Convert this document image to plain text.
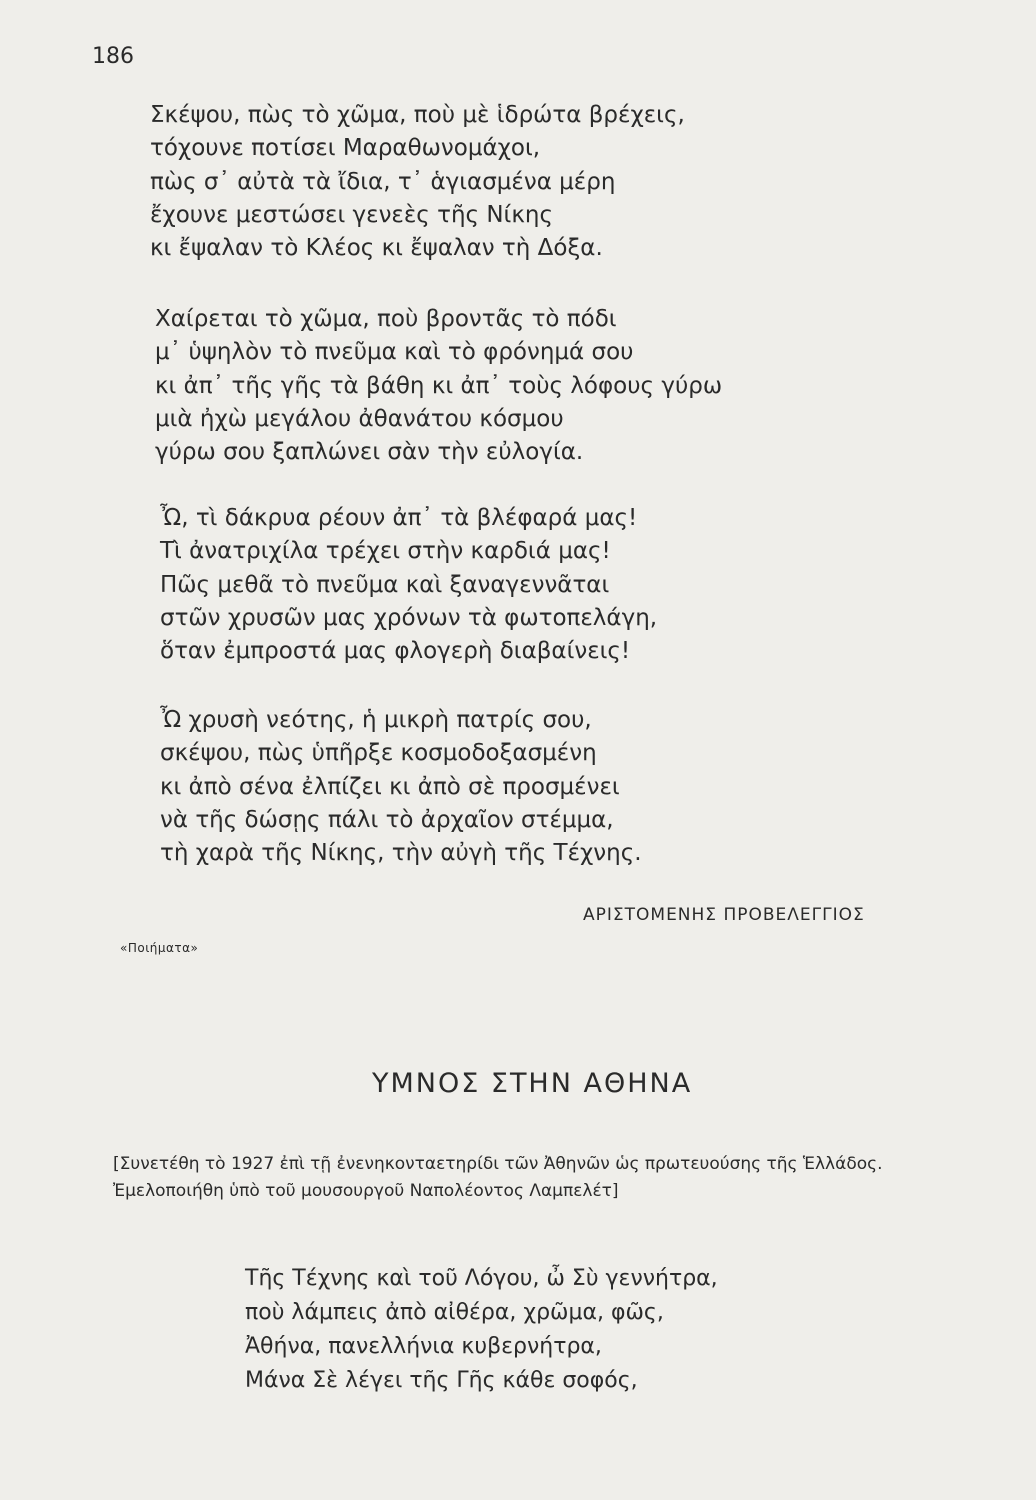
186
Σκέψου, πὼς τὸ χῶμα, ποὺ μὲ ἱδρώτα βρέχεις,
τόχουνε ποτίσει Μαραθωνομάχοι,
πὼς σ᾿ αὐτὰ τὰ ἴδια, τ᾿ ἁγιασμένα μέρη
ἔχουνε μεστώσει γενεὲς τῆς Νίκης
κι ἔψαλαν τὸ Κλέος κι ἔψαλαν τὴ Δόξα.
Χαίρεται τὸ χῶμα, ποὺ βροντᾶς τὸ πόδι
μ᾿ ὑψηλὸν τὸ πνεῦμα καὶ τὸ φρόνημά σου
κι ἀπ᾿ τῆς γῆς τὰ βάθη κι ἀπ᾿ τοὺς λόφους γύρω
μιὰ ἠχὼ μεγάλου ἀθανάτου κόσμου
γύρω σου ξαπλώνει σὰν τὴν εὐλογία.
Ὦ, τὶ δάκρυα ρέουν ἀπ᾿ τὰ βλέφαρά μας!
Τὶ ἀνατριχίλα τρέχει στὴν καρδιά μας!
Πῶς μεθᾶ τὸ πνεῦμα καὶ ξαναγεννᾶται
στῶν χρυσῶν μας χρόνων τὰ φωτοπελάγη,
ὅταν ἐμπροστά μας φλογερὴ διαβαίνεις!
Ὦ χρυσὴ νεότης, ἡ μικρὴ πατρίς σου,
σκέψου, πὼς ὑπῆρξε κοσμοδοξασμένη
κι ἀπὸ σένα ἐλπίζει κι ἀπὸ σὲ προσμένει
νὰ τῆς δώσῃς πάλι τὸ ἀρχαῖον στέμμα,
τὴ χαρὰ τῆς Νίκης, τὴν αὐγὴ τῆς Τέχνης.
ΑΡΙΣΤΟΜΕΝΗΣ ΠΡΟΒΕΛΕΓΓΙΟΣ
«Ποιήματα»
ΥΜΝΟΣ ΣΤΗΝ ΑΘΗΝΑ
[Συνετέθη τὸ 1927 ἐπὶ τῇ ἐνενηκονταετηρίδι τῶν Ἀθηνῶν ὡς πρωτευούσης τῆς Ἑλλάδος. Ἐμελοποιήθη ὑπὸ τοῦ μουσουργοῦ Ναπολέοντος Λαμπελέτ]
Τῆς Τέχνης καὶ τοῦ Λόγου, ὦ Σὺ γεννήτρα,
ποὺ λάμπεις ἀπὸ αἰθέρα, χρῶμα, φῶς,
Ἀθήνα, πανελλήνια κυβερνήτρα,
Μάνα Σὲ λέγει τῆς Γῆς κάθε σοφός,
